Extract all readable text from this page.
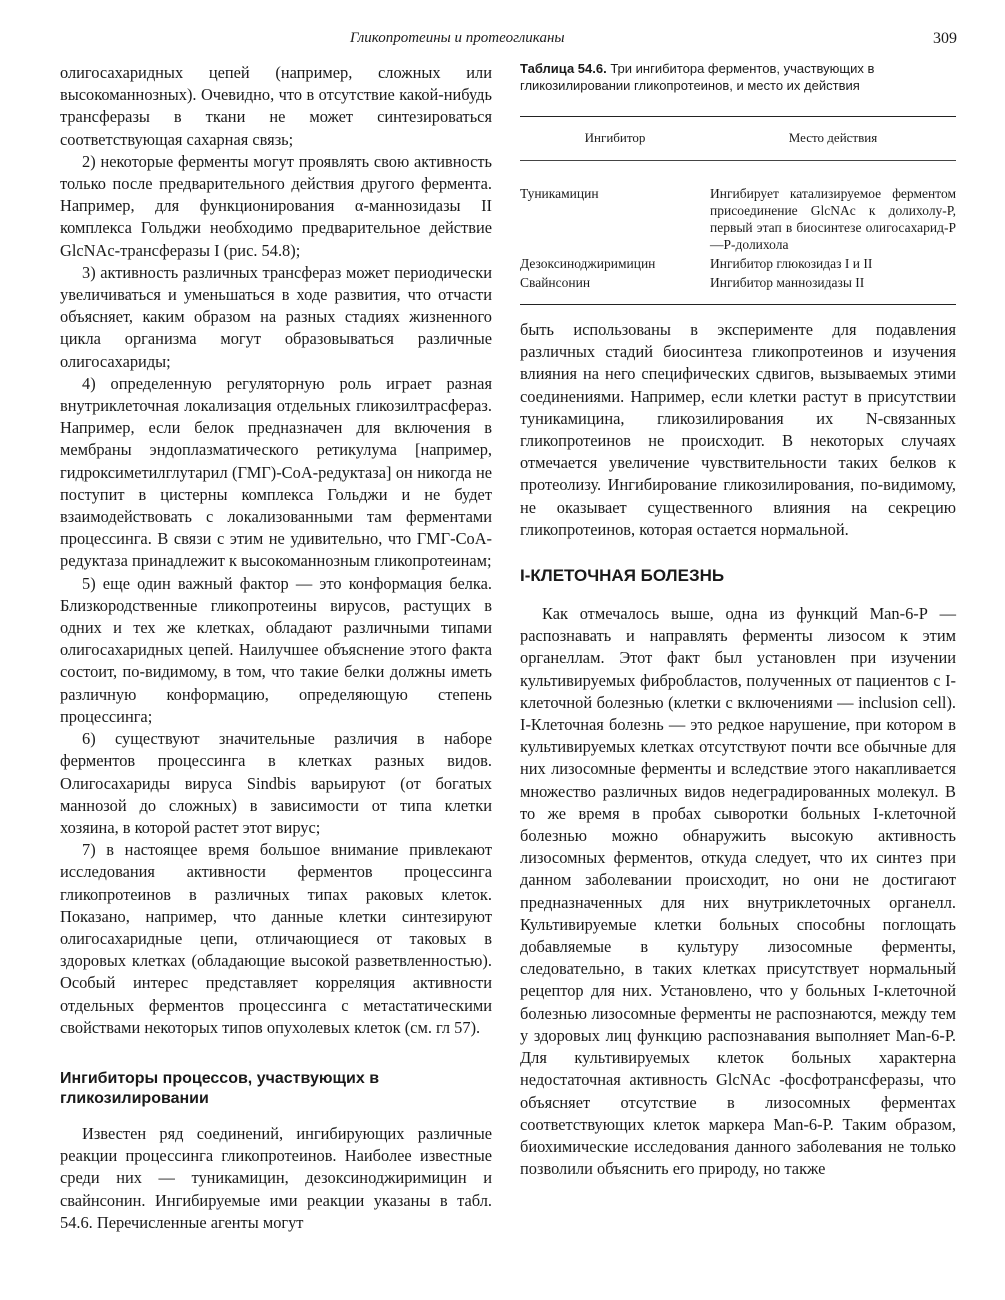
Гликопротеины и протеогликаны	309

олигосахаридных цепей (например, сложных или высокоманнозных). Очевидно, что в отсутствие какой-нибудь трансферазы в ткани не может синтезироваться соответствующая сахарная связь;

2) некоторые ферменты могут проявлять свою активность только после предварительного действия другого фермента. Например, для функционирования α-маннозидазы II комплекса Гольджи необходимо предварительное действие GlcNAc-трансферазы I (рис. 54.8);

3) активность различных трансфераз может периодически увеличиваться и уменьшаться в ходе развития, что отчасти объясняет, каким образом на разных стадиях жизненного цикла организма могут образовываться различные олигосахариды;

4) определенную регуляторную роль играет разная внутриклеточная локализация отдельных гликозилтрасфераз. Например, если белок предназначен для включения в мембраны эндоплазматического ретикулума [например, гидроксиметилглутарил (ГМГ)-CoA-редуктаза] он никогда не поступит в цистерны комплекса Гольджи и не будет взаимодействовать с локализованными там ферментами процессинга. В связи с этим не удивительно, что ГМГ-CoA-редуктаза принадлежит к высокоманнозным гликопротеинам;

5) еще один важный фактор — это конформация белка. Близкородственные гликопротеины вирусов, растущих в одних и тех же клетках, обладают различными типами олигосахаридных цепей. Наилучшее объяснение этого факта состоит, по-видимому, в том, что такие белки должны иметь различную конформацию, определяющую степень процессинга;

6) существуют значительные различия в наборе ферментов процессинга в клетках разных видов. Олигосахариды вируса Sindbis варьируют (от богатых маннозой до сложных) в зависимости от типа клетки хозяина, в которой растет этот вирус;

7) в настоящее время большое внимание привлекают исследования активности ферментов процессинга гликопротеинов в различных типах раковых клеток. Показано, например, что данные клетки синтезируют олигосахаридные цепи, отличающиеся от таковых в здоровых клетках (обладающие высокой разветвленностью). Особый интерес представляет корреляция активности отдельных ферментов процессинга с метастатическими свойствами некоторых типов опухолевых клеток (см. гл 57).

Ингибиторы процессов, участвующих в гликозилировании

Известен ряд соединений, ингибирующих различные реакции процессинга гликопротеинов. Наиболее известные среди них — туникамицин, дезоксиноджиримицин и свайнсонин. Ингибируемые ими реакции указаны в табл. 54.6. Перечисленные агенты могут

Таблица 54.6. Три ингибитора ферментов, участвующих в гликозилировании гликопротеинов, и место их действия

Ингибитор	Место действия
Туникамицин	Ингибирует катализируемое ферментом присоединение GlcNAc к долихолу-Р, первый этап в биосинтезе олигосахарид-Р—Р-долихола
Дезоксиноджиримицин	Ингибитор глюкозидаз I и II
Свайнсонин	Ингибитор маннозидазы II

быть использованы в эксперименте для подавления различных стадий биосинтеза гликопротеинов и изучения влияния на него специфических сдвигов, вызываемых этими соединениями. Например, если клетки растут в присутствии туникамицина, гликозилирования их N-связанных гликопротеинов не происходит. В некоторых случаях отмечается увеличение чувствительности таких белков к протеолизу. Ингибирование гликозилирования, по-видимому, не оказывает существенного влияния на секрецию гликопротеинов, которая остается нормальной.

I-КЛЕТОЧНАЯ БОЛЕЗНЬ

Как отмечалось выше, одна из функций Man-6-Р — распознавать и направлять ферменты лизосом к этим органеллам. Этот факт был установлен при изучении культивируемых фибробластов, полученных от пациентов с I-клеточной болезнью (клетки с включениями — inclusion cell). I-Клеточная болезнь — это редкое нарушение, при котором в культивируемых клетках отсутствуют почти все обычные для них лизосомные ферменты и вследствие этого накапливается множество различных видов недеградированных молекул. В то же время в пробах сыворотки больных I-клеточной болезнью можно обнаружить высокую активность лизосомных ферментов, откуда следует, что их синтез при данном заболевании происходит, но они не достигают предназначенных для них внутриклеточных органелл. Культивируемые клетки больных способны поглощать добавляемые в культуру лизосомные ферменты, следовательно, в таких клетках присутствует нормальный рецептор для них. Установлено, что у больных I-клеточной болезнью лизосомные ферменты не распознаются, между тем у здоровых лиц функцию распознавания выполняет Man-6-Р. Для культивируемых клеток больных характерна недостаточная активность GlcNAc -фосфотрансферазы, что объясняет отсутствие в лизосомных ферментах соответствующих клеток маркера Man-6-Р. Таким образом, биохимические исследования данного заболевания не только позволили объяснить его природу, но также
